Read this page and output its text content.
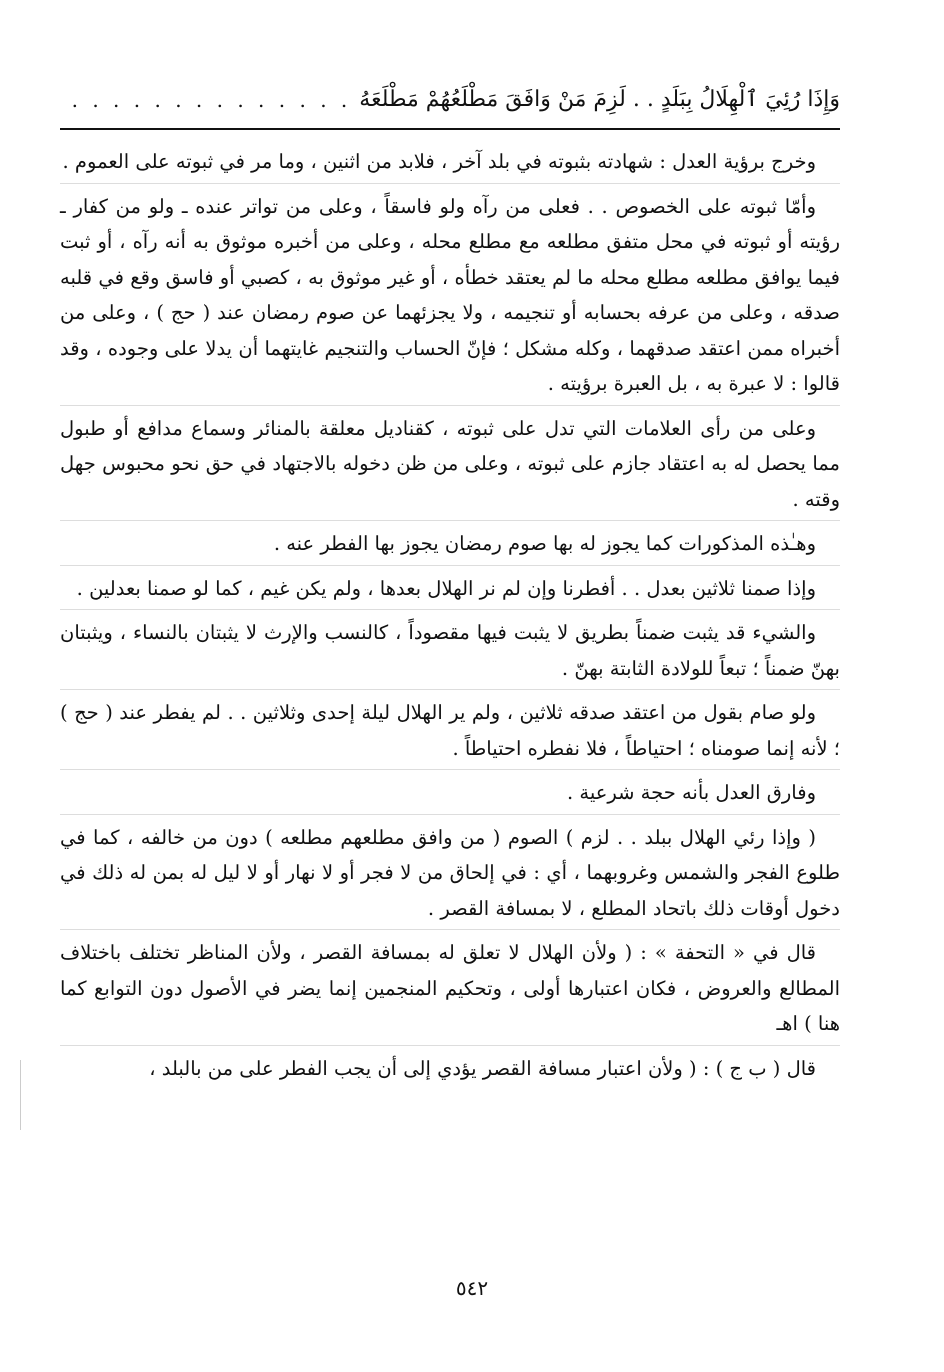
وَإِذَا رُئِيَ ٱلْهِلَالُ بِبَلَدٍ . . لَزِمَ مَنْ وَافَقَ مَطْلَعُهُمْ مَطْلَعَهُ
. . . . . . . . . . . . . .

وخرج برؤية العدل : شهادته بثبوته في بلد آخر ، فلابد من اثنين ، وما مر في ثبوته على العموم .

وأمّا ثبوته على الخصوص . . فعلى من رآه ولو فاسقاً ، وعلى من تواتر عنده ـ ولو من كفار ـ رؤيته أو ثبوته في محل متفق مطلعه مع مطلع محله ، وعلى من أخبره موثوق به أنه رآه ، أو ثبت فيما يوافق مطلعه مطلع محله ما لم يعتقد خطأه ، أو غير موثوق به ، كصبي أو فاسق وقع في قلبه صدقه ، وعلى من عرفه بحسابه أو تنجيمه ، ولا يجزئهما عن صوم رمضان عند ( حج ) ، وعلى من أخبراه ممن اعتقد صدقهما ، وكله مشكل ؛ فإنّ الحساب والتنجيم غايتهما أن يدلا على وجوده ، وقد قالوا : لا عبرة به ، بل العبرة برؤيته .

وعلى من رأى العلامات التي تدل على ثبوته ، كقناديل معلقة بالمنائر وسماع مدافع أو طبول مما يحصل له به اعتقاد جازم على ثبوته ، وعلى من ظن دخوله بالاجتهاد في حق نحو محبوس جهل وقته .

وهـٰذه المذكورات كما يجوز له بها صوم رمضان يجوز بها الفطر عنه .

وإذا صمنا ثلاثين بعدل . . أفطرنا وإن لم نر الهلال بعدها ، ولم يكن غيم ، كما لو صمنا بعدلين .

والشيء قد يثبت ضمناً بطريق لا يثبت فيها مقصوداً ، كالنسب والإرث لا يثبتان بالنساء ، ويثبتان بهنّ ضمناً ؛ تبعاً للولادة الثابتة بهنّ .

ولو صام بقول من اعتقد صدقه ثلاثين ، ولم ير الهلال ليلة إحدى وثلاثين . . لم يفطر عند ( حج ) ؛ لأنه إنما صومناه ؛ احتياطاً ، فلا نفطره احتياطاً .

وفارق العدل بأنه حجة شرعية .

( وإذا رئي الهلال ببلد . . لزم ) الصوم ( من وافق مطلعهم مطلعه ) دون من خالفه ، كما في طلوع الفجر والشمس وغروبهما ، أي : في إلحاق من لا فجر أو لا نهار أو لا ليل له بمن له ذلك في دخول أوقات ذلك باتحاد المطلع ، لا بمسافة القصر .

قال في « التحفة » : ( ولأن الهلال لا تعلق له بمسافة القصر ، ولأن المناظر تختلف باختلاف المطالع والعروض ، فكان اعتبارها أولى ، وتحكيم المنجمين إنما يضر في الأصول دون التوابع كما هنا ) اهـ

قال ( ب ج ) : ( ولأن اعتبار مسافة القصر يؤدي إلى أن يجب الفطر على من بالبلد ،

٥٤٢
